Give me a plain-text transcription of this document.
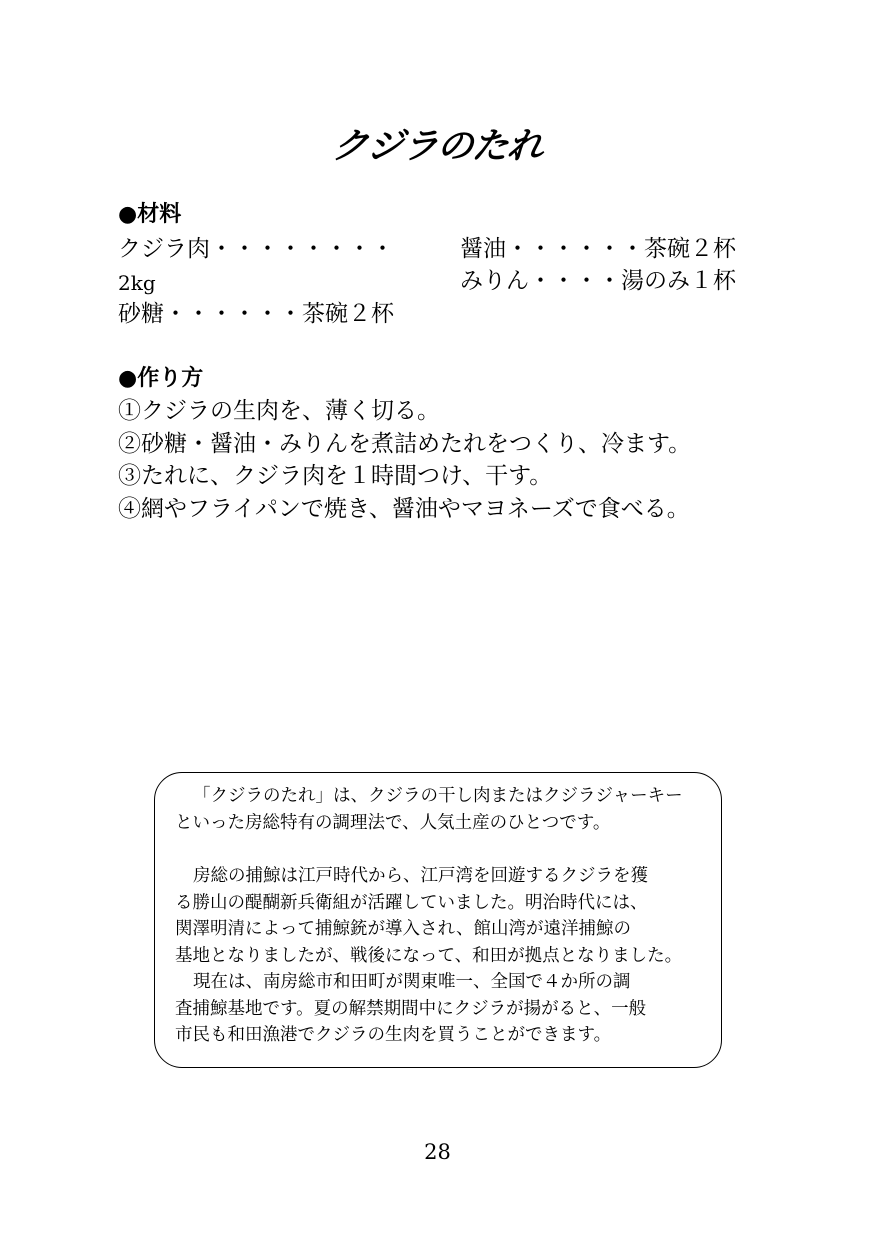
クジラのたれ
●材料
クジラ肉・・・・・・・・
2kg
砂糖・・・・・・茶碗２杯
醤油・・・・・・茶碗２杯
みりん・・・・湯のみ１杯
●作り方
①クジラの生肉を、薄く切る。
②砂糖・醤油・みりんを煮詰めたれをつくり、冷ます。
③たれに、クジラ肉を１時間つけ、干す。
④網やフライパンで焼き、醤油やマヨネーズで食べる。

「クジラのたれ」は、クジラの干し肉またはクジラジャーキー

といった房総特有の調理法で、人気土産のひとつです。

房総の捕鯨は江戸時代から、江戸湾を回遊するクジラを獲

る勝山の醍醐新兵衛組が活躍していました。明治時代には、

関澤明清によって捕鯨銃が導入され、館山湾が遠洋捕鯨の

基地となりましたが、戦後になって、和田が拠点となりました。

現在は、南房総市和田町が関東唯一、全国で４か所の調

査捕鯨基地です。夏の解禁期間中にクジラが揚がると、一般

市民も和田漁港でクジラの生肉を買うことができます。

28
